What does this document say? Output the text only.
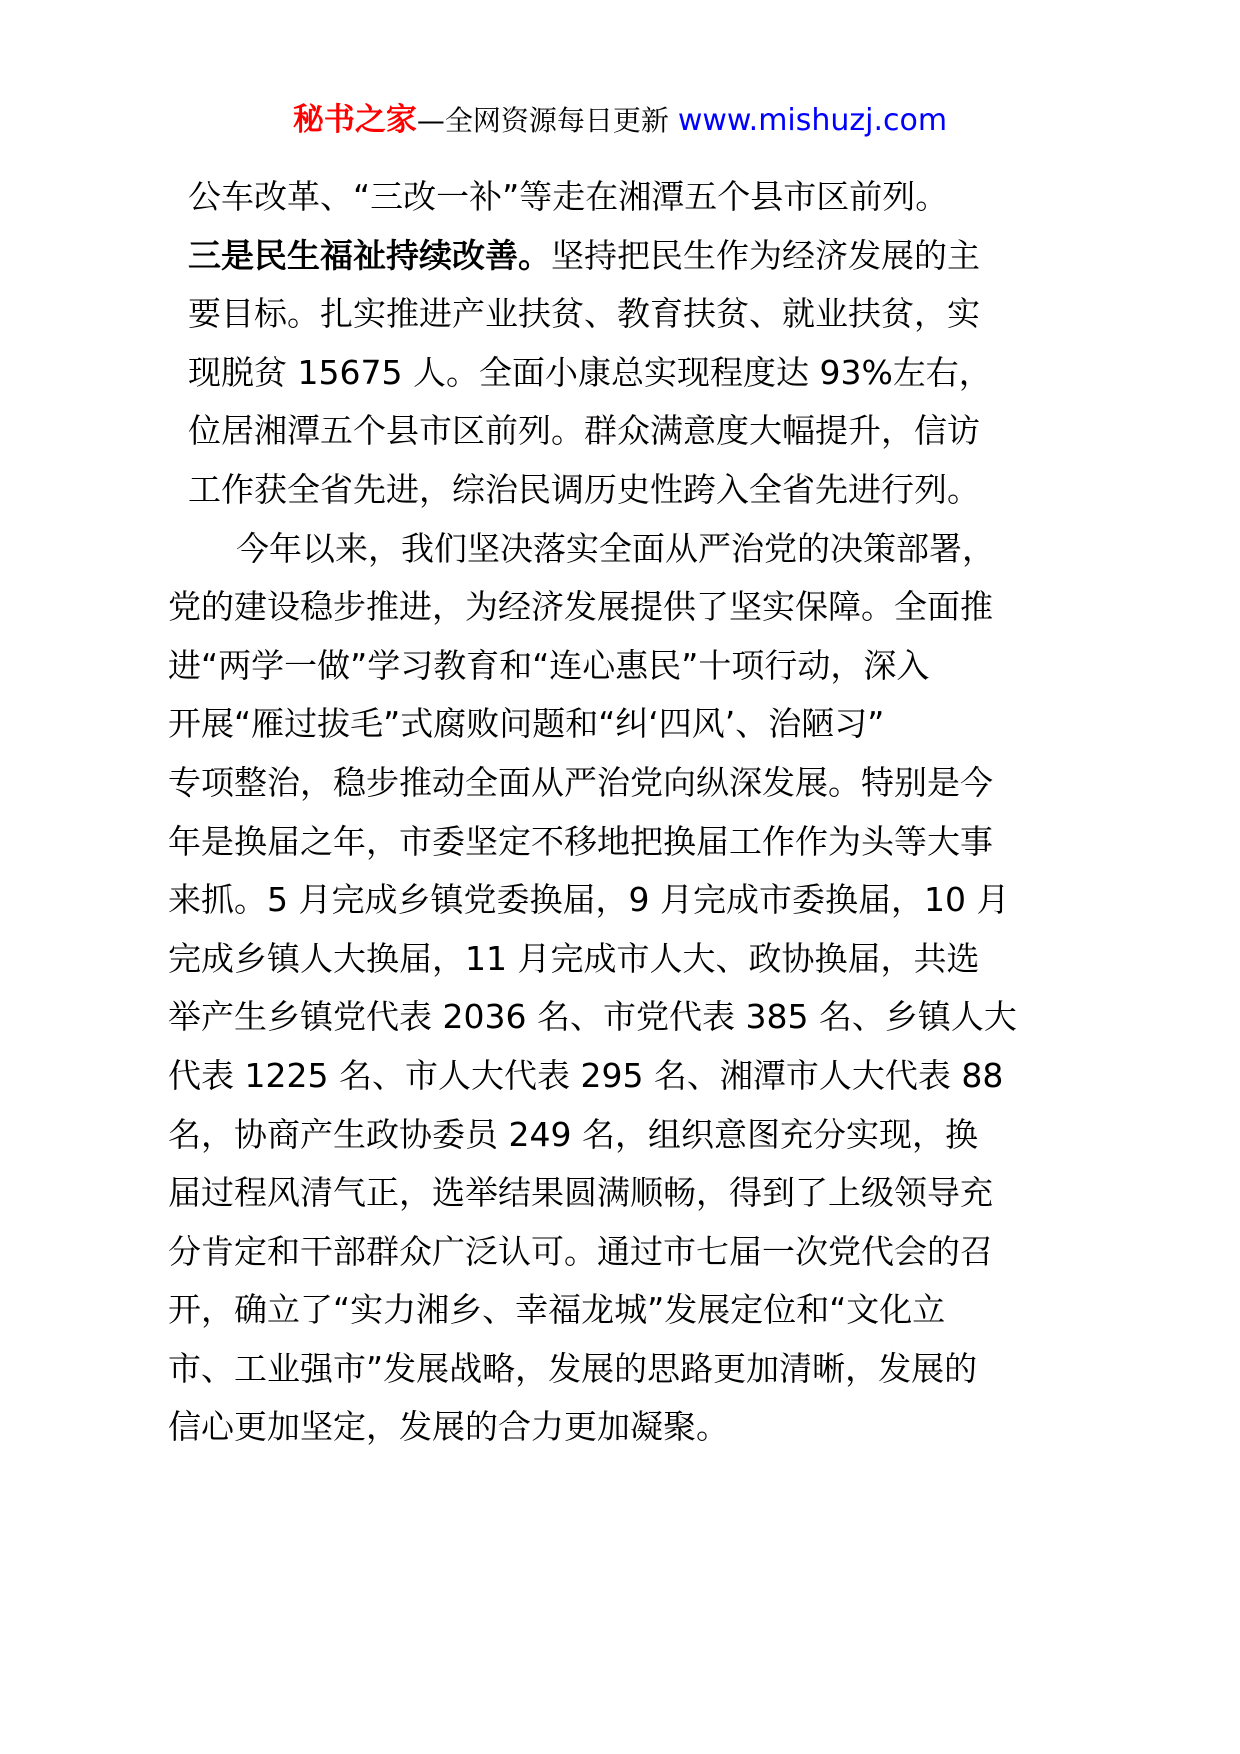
秘书之家—全网资源每日更新 www.mishuzj.com
公车改革、“三改一补”等走在湘潭五个县市区前列。
三是民生福祉持续改善。坚持把民生作为经济发展的主
要目标。扎实推进产业扶贫、教育扶贫、就业扶贫，实
现脱贫 15675 人。全面小康总实现程度达 93%左右，
位居湘潭五个县市区前列。群众满意度大幅提升，信访
工作获全省先进，综治民调历史性跨入全省先进行列。
今年以来，我们坚决落实全面从严治党的决策部署，
党的建设稳步推进，为经济发展提供了坚实保障。全面推
进“两学一做”学习教育和“连心惠民”十项行动，深入
开展“雁过拔毛”式腐败问题和“纠‘四风’、治陋习”
专项整治，稳步推动全面从严治党向纵深发展。特别是今
年是换届之年，市委坚定不移地把换届工作作为头等大事
来抓。5 月完成乡镇党委换届，9 月完成市委换届，10 月
完成乡镇人大换届，11 月完成市人大、政协换届，共选
举产生乡镇党代表 2036 名、市党代表 385 名、乡镇人大
代表 1225 名、市人大代表 295 名、湘潭市人大代表 88
名，协商产生政协委员 249 名，组织意图充分实现，换
届过程风清气正，选举结果圆满顺畅，得到了上级领导充
分肯定和干部群众广泛认可。通过市七届一次党代会的召
开，确立了“实力湘乡、幸福龙城”发展定位和“文化立
市、工业强市”发展战略，发展的思路更加清晰，发展的
信心更加坚定，发展的合力更加凝聚。
